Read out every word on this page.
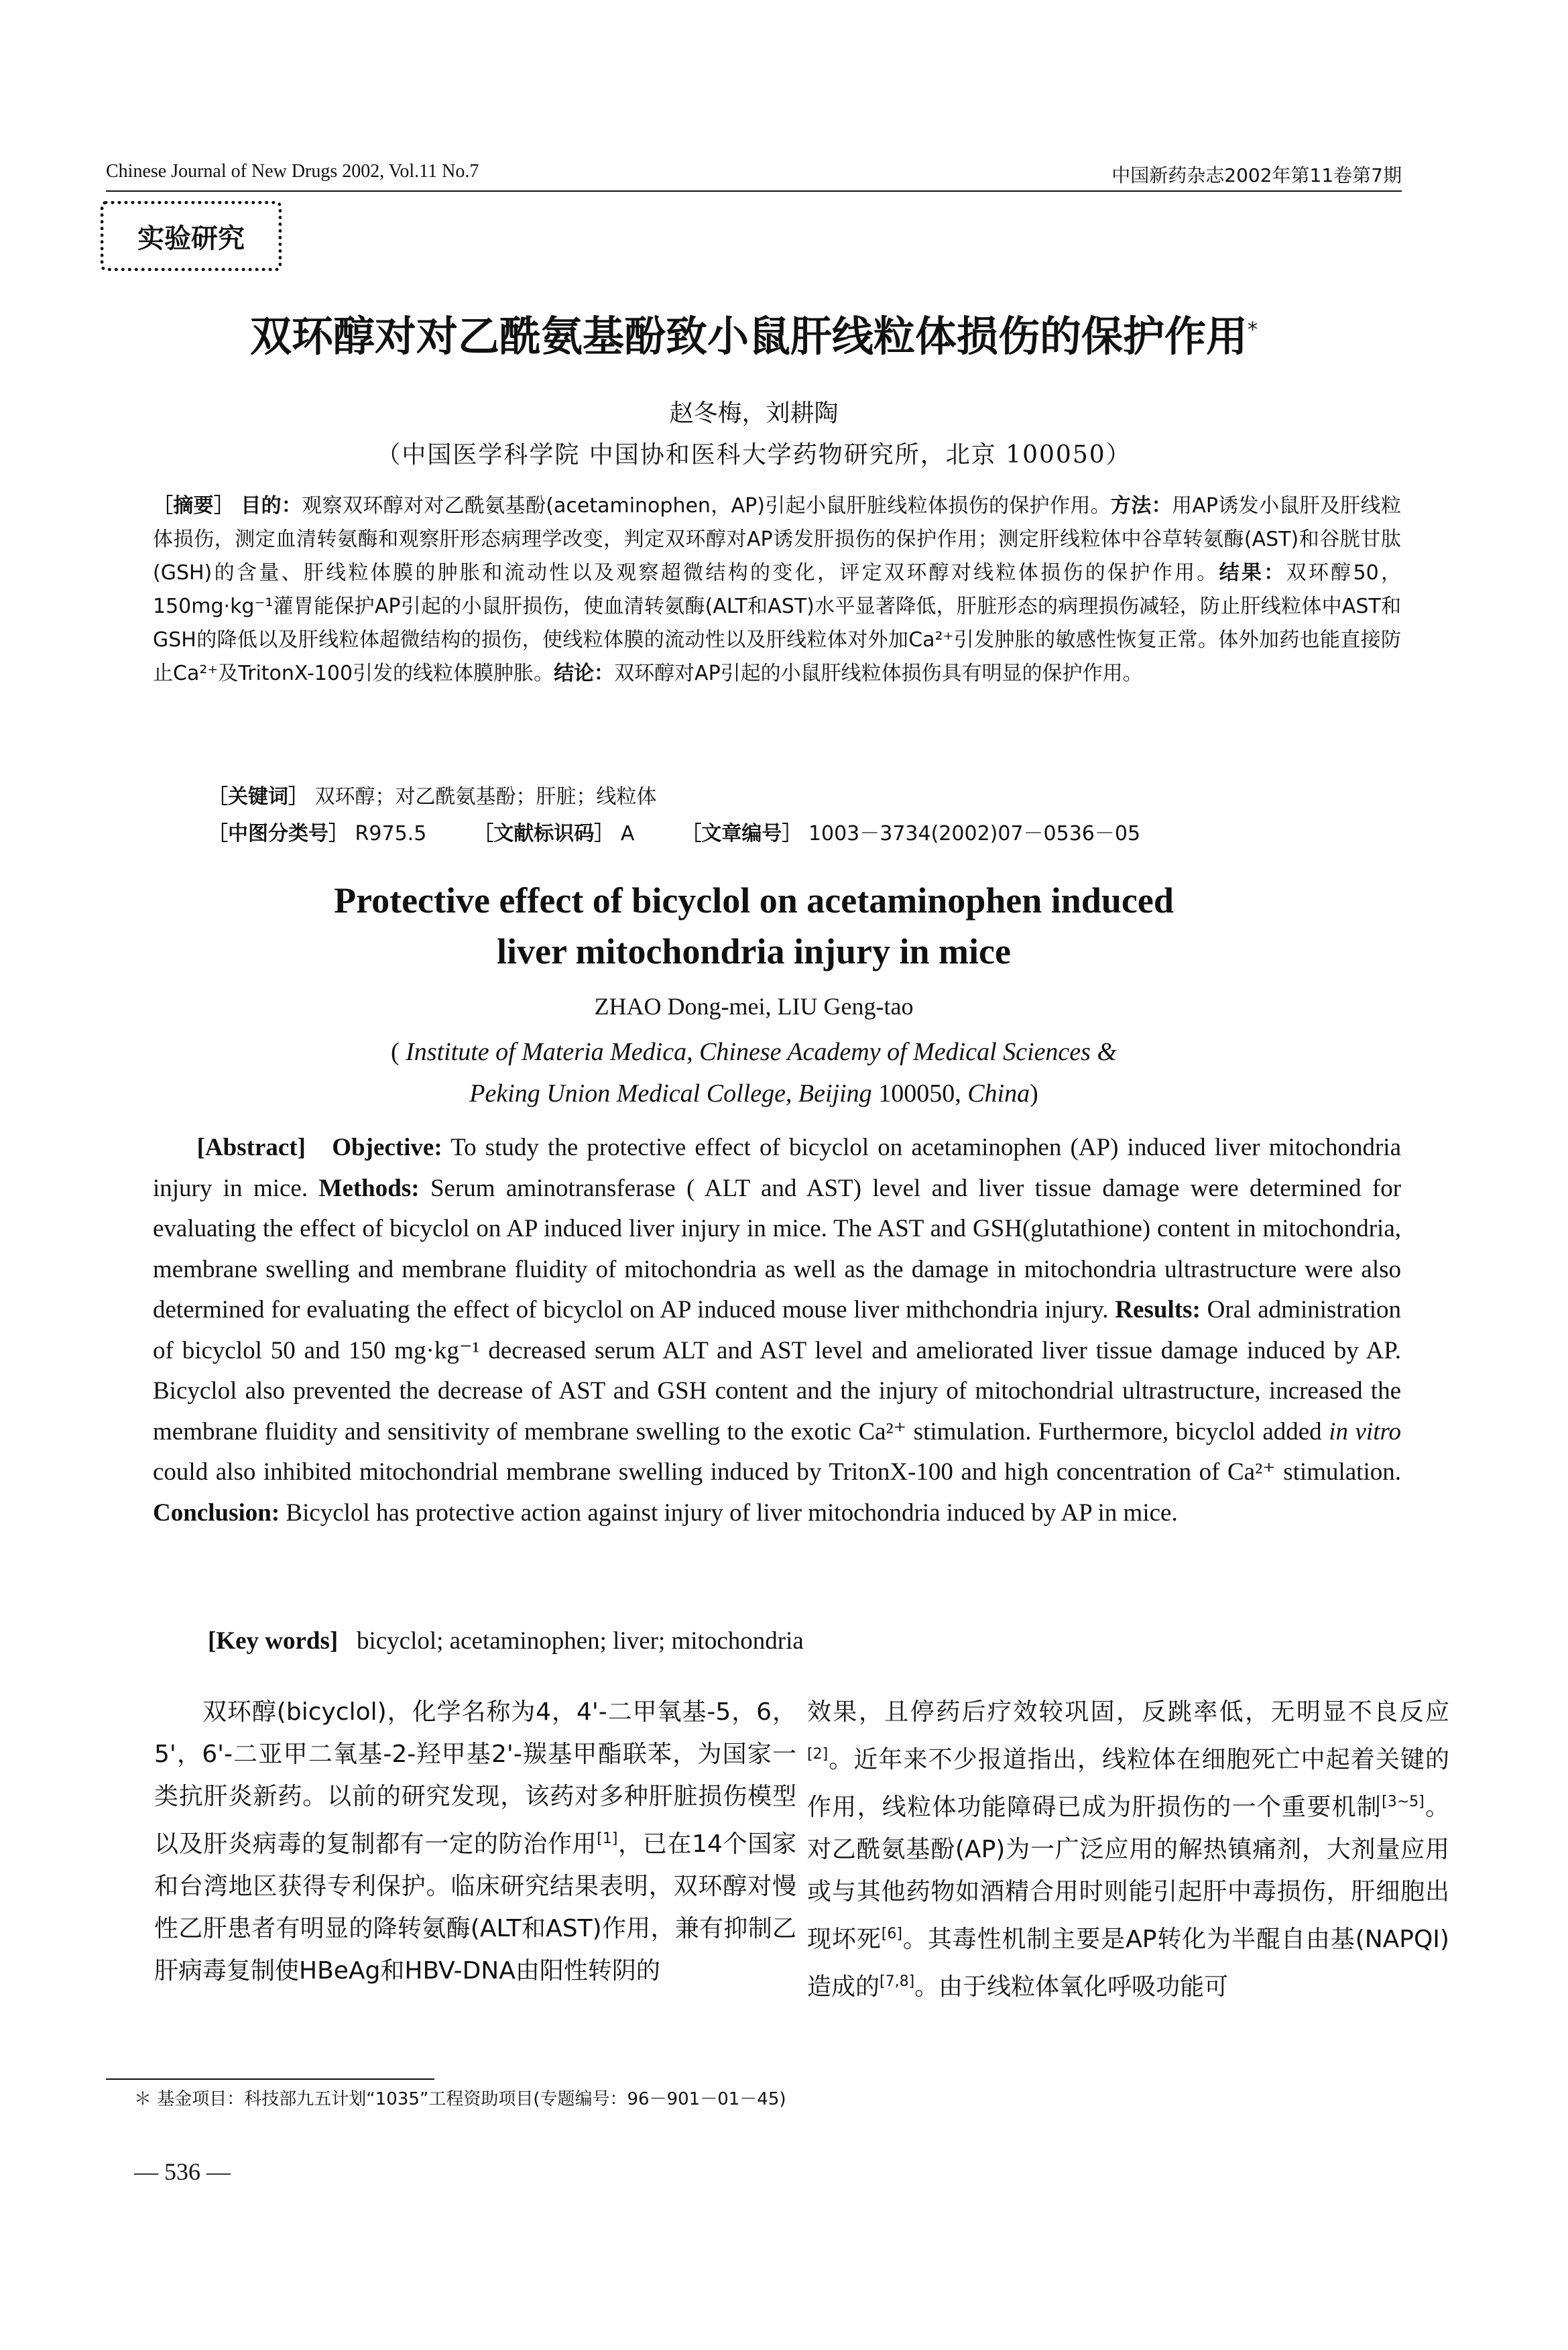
Chinese Journal of New Drugs 2002, Vol.11 No.7	中国新药杂志2002年第11卷第7期
实验研究
双环醇对对乙酰氨基酚致小鼠肝线粒体损伤的保护作用*
赵冬梅，刘耕陶
（中国医学科学院 中国协和医科大学药物研究所，北京 100050）
［摘要］ 目的：观察双环醇对对乙酰氨基酚(acetaminophen，AP)引起小鼠肝脏线粒体损伤的保护作用。方法：用AP诱发小鼠肝及肝线粒体损伤，测定血清转氨酶和观察肝形态病理学改变，判定双环醇对AP诱发肝损伤的保护作用；测定肝线粒体中谷草转氨酶(AST)和谷胱甘肽(GSH)的含量、肝线粒体膜的肿胀和流动性以及观察超微结构的变化，评定双环醇对线粒体损伤的保护作用。结果：双环醇50，150mg·kg⁻¹灌胃能保护AP引起的小鼠肝损伤，使血清转氨酶(ALT和AST)水平显著降低，肝脏形态的病理损伤减轻，防止肝线粒体中AST和GSH的降低以及肝线粒体超微结构的损伤，使线粒体膜的流动性以及肝线粒体对外加Ca²⁺引发肿胀的敏感性恢复正常。体外加药也能直接防止Ca²⁺及TritonX-100引发的线粒体膜肿胀。结论：双环醇对AP引起的小鼠肝线粒体损伤具有明显的保护作用。
［关键词］ 双环醇；对乙酰氨基酚；肝脏；线粒体
［中图分类号］ R975.5 ［文献标识码］ A ［文章编号］ 1003－3734(2002)07－0536－05
Protective effect of bicyclol on acetaminophen induced
liver mitochondria injury in mice
ZHAO Dong-mei, LIU Geng-tao
( Institute of Materia Medica, Chinese Academy of Medical Sciences &
Peking Union Medical College, Beijing 100050, China)
[Abstract] Objective: To study the protective effect of bicyclol on acetaminophen (AP) induced liver mitochondria injury in mice. Methods: Serum aminotransferase ( ALT and AST) level and liver tissue damage were determined for evaluating the effect of bicyclol on AP induced liver injury in mice. The AST and GSH(glutathione) content in mitochondria, membrane swelling and membrane fluidity of mitochondria as well as the damage in mitochondria ultrastructure were also determined for evaluating the effect of bicyclol on AP induced mouse liver mithchondria injury. Results: Oral administration of bicyclol 50 and 150 mg·kg⁻¹ decreased serum ALT and AST level and ameliorated liver tissue damage induced by AP. Bicyclol also prevented the decrease of AST and GSH content and the injury of mitochondrial ultrastructure, increased the membrane fluidity and sensitivity of membrane swelling to the exotic Ca²⁺ stimulation. Furthermore, bicyclol added in vitro could also inhibited mitochondrial membrane swelling induced by TritonX-100 and high concentration of Ca²⁺ stimulation. Conclusion: Bicyclol has protective action against injury of liver mitochondria induced by AP in mice.
[Key words] bicyclol; acetaminophen; liver; mitochondria
双环醇(bicyclol)，化学名称为4，4'-二甲氧基-5，6，5'，6'-二亚甲二氧基-2-羟甲基2'-羰基甲酯联苯，为国家一类抗肝炎新药。以前的研究发现，该药对多种肝脏损伤模型以及肝炎病毒的复制都有一定的防治作用[1]，已在14个国家和台湾地区获得专利保护。临床研究结果表明，双环醇对慢性乙肝患者有明显的降转氨酶(ALT和AST)作用，兼有抑制乙肝病毒复制使HBeAg和HBV-DNA由阳性转阴的
效果，且停药后疗效较巩固，反跳率低，无明显不良反应[2]。近年来不少报道指出，线粒体在细胞死亡中起着关键的作用，线粒体功能障碍已成为肝损伤的一个重要机制[3~5]。对乙酰氨基酚(AP)为一广泛应用的解热镇痛剂，大剂量应用或与其他药物如酒精合用时则能引起肝中毒损伤，肝细胞出现坏死[6]。其毒性机制主要是AP转化为半醌自由基(NAPQI)造成的[7,8]。由于线粒体氧化呼吸功能可
＊ 基金项目：科技部九五计划“1035”工程资助项目(专题编号：96－901－01－45)
— 536 —
